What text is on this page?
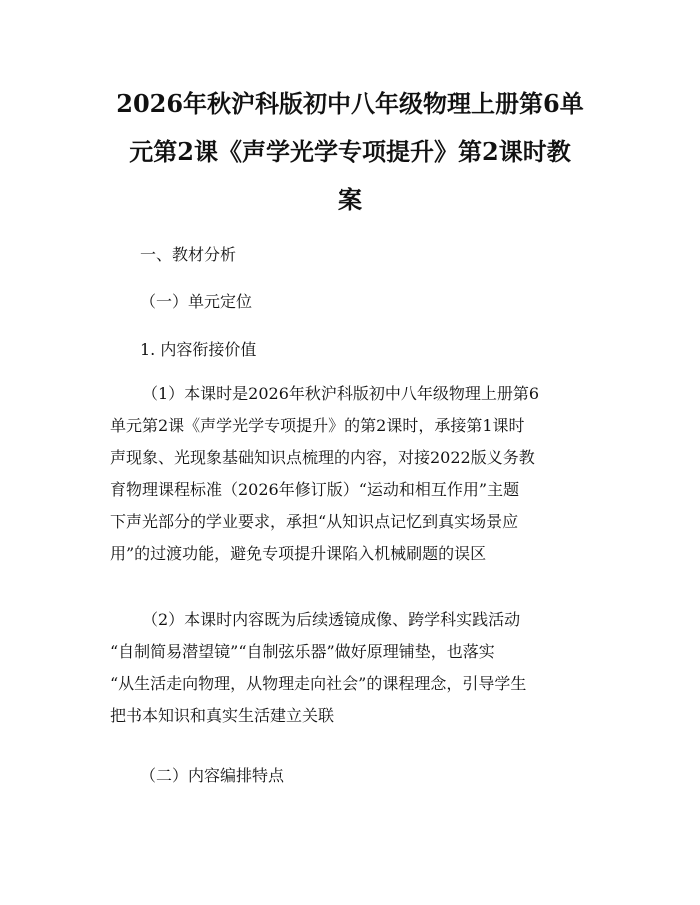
2026年秋沪科版初中八年级物理上册第6单
元第2课《声学光学专项提升》第2课时教
案
一、教材分析
（一）单元定位
1. 内容衔接价值
（1）本课时是2026年秋沪科版初中八年级物理上册第6
单元第2课《声学光学专项提升》的第2课时，承接第1课时
声现象、光现象基础知识点梳理的内容，对接2022版义务教
育物理课程标准（2026年修订版）“运动和相互作用”主题
下声光部分的学业要求，承担“从知识点记忆到真实场景应
用”的过渡功能，避免专项提升课陷入机械刷题的误区
（2）本课时内容既为后续透镜成像、跨学科实践活动
“自制简易潜望镜”“自制弦乐器”做好原理铺垫，也落实
“从生活走向物理，从物理走向社会”的课程理念，引导学生
把书本知识和真实生活建立关联
（二）内容编排特点
